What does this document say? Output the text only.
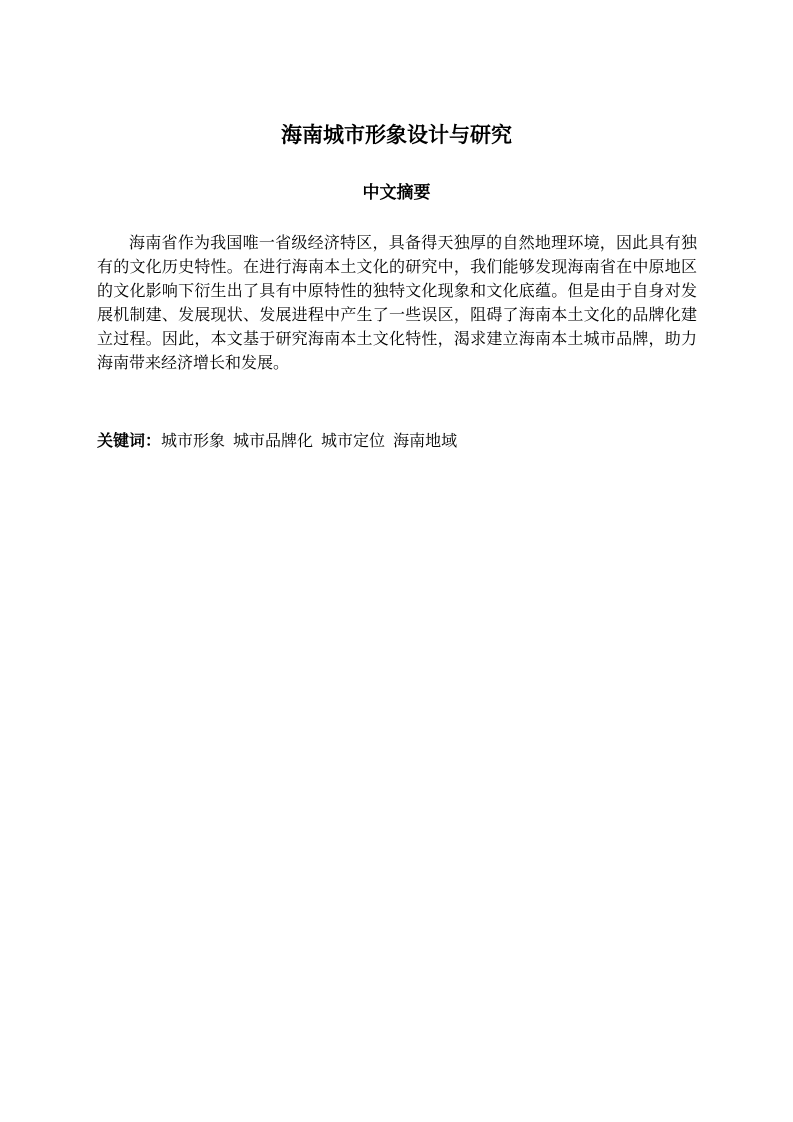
海南城市形象设计与研究
中文摘要

海南省作为我国唯一省级经济特区，具备得天独厚的自然地理环境，因此具有独有的文化历史特性。在进行海南本土文化的研究中，我们能够发现海南省在中原地区的文化影响下衍生出了具有中原特性的独特文化现象和文化底蕴。但是由于自身对发展机制建、发展现状、发展进程中产生了一些误区，阻碍了海南本土文化的品牌化建立过程。因此，本文基于研究海南本土文化特性，渴求建立海南本土城市品牌，助力海南带来经济增长和发展。

关键词：城市形象 城市品牌化 城市定位 海南地域
